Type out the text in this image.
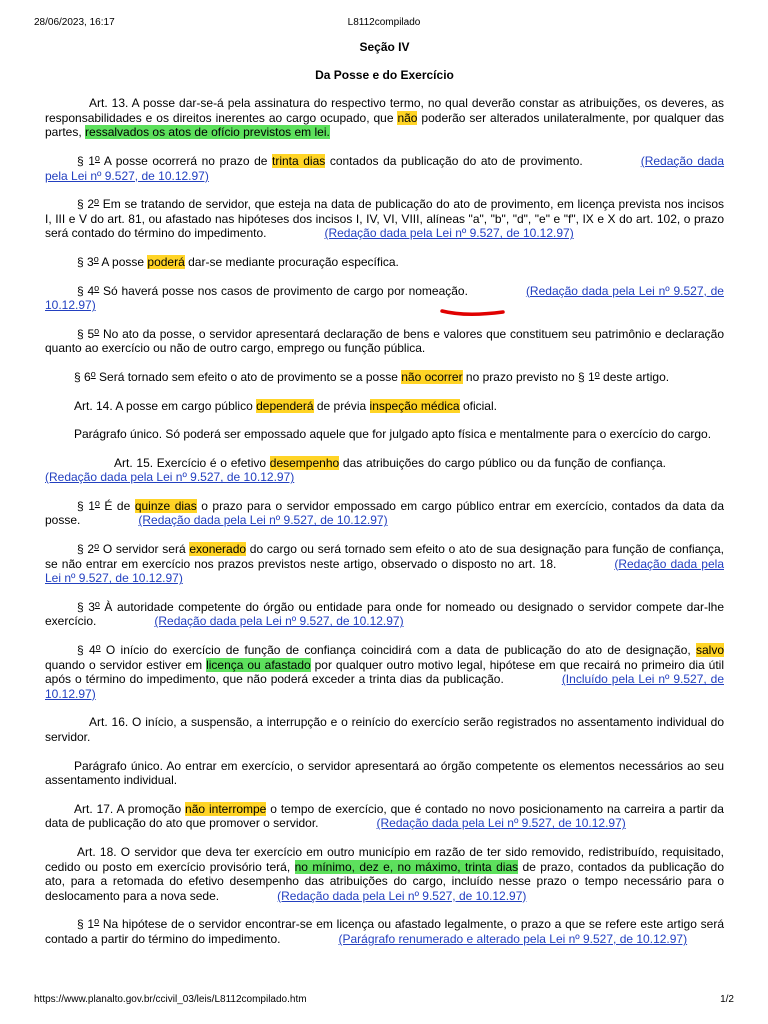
28/06/2023, 16:17	L8112compilado
Seção IV
Da Posse e do Exercício

Art. 13. A posse dar-se-á pela assinatura do respectivo termo, no qual deverão constar as atribuições, os deveres, as responsabilidades e os direitos inerentes ao cargo ocupado, que não poderão ser alterados unilateralmente, por qualquer das partes, ressalvados os atos de ofício previstos em lei.

§ 1$^o$ A posse ocorrerá no prazo de trinta dias contados da publicação do ato de provimento.	(Redação dada pela Lei nº 9.527, de 10.12.97)

§ 2$^o$ Em se tratando de servidor, que esteja na data de publicação do ato de provimento, em licença prevista nos incisos I, III e V do art. 81, ou afastado nas hipóteses dos incisos I, IV, VI, VIII, alíneas "a", "b", "d", "e" e "f", IX e X do art. 102, o prazo será contado do término do impedimento.	(Redação dada pela Lei nº 9.527, de 10.12.97)

§ 3$^o$ A posse poderá dar-se mediante procuração específica.

§ 4$^o$ Só haverá posse nos casos de provimento de cargo por nomeação.	(Redação dada pela Lei nº 9.527, de 10.12.97)

§ 5$^o$ No ato da posse, o servidor apresentará declaração de bens e valores que constituem seu patrimônio e declaração quanto ao exercício ou não de outro cargo, emprego ou função pública.

§ 6$^o$ Será tornado sem efeito o ato de provimento se a posse não ocorrer no prazo previsto no § 1$^o$ deste artigo.

Art. 14. A posse em cargo público dependerá de prévia inspeção médica oficial.

Parágrafo único. Só poderá ser empossado aquele que for julgado apto física e mentalmente para o exercício do cargo.

Art. 15. Exercício é o efetivo desempenho das atribuições do cargo público ou da função de confiança.(Redação dada pela Lei nº 9.527, de 10.12.97)

§ 1$^o$ É de quinze dias o prazo para o servidor empossado em cargo público entrar em exercício, contados da data da posse.	(Redação dada pela Lei nº 9.527, de 10.12.97)

§ 2$^o$ O servidor será exonerado do cargo ou será tornado sem efeito o ato de sua designação para função de confiança, se não entrar em exercício nos prazos previstos neste artigo, observado o disposto no art. 18.	(Redação dada pela Lei nº 9.527, de 10.12.97)

§ 3$^o$ À autoridade competente do órgão ou entidade para onde for nomeado ou designado o servidor compete dar-lhe exercício.	(Redação dada pela Lei nº 9.527, de 10.12.97)

§ 4$^o$ O início do exercício de função de confiança coincidirá com a data de publicação do ato de designação, salvo quando o servidor estiver em licença ou afastado por qualquer outro motivo legal, hipótese em que recairá no primeiro dia útil após o término do impedimento, que não poderá exceder a trinta dias da publicação.	(Incluído pela Lei nº 9.527, de 10.12.97)

Art. 16. O início, a suspensão, a interrupção e o reinício do exercício serão registrados no assentamento individual do servidor.

Parágrafo único. Ao entrar em exercício, o servidor apresentará ao órgão competente os elementos necessários ao seu assentamento individual.

Art. 17. A promoção não interrompe o tempo de exercício, que é contado no novo posicionamento na carreira a partir da data de publicação do ato que promover o servidor.	(Redação dada pela Lei nº 9.527, de 10.12.97)

Art. 18. O servidor que deva ter exercício em outro município em razão de ter sido removido, redistribuído, requisitado, cedido ou posto em exercício provisório terá, no mínimo, dez e, no máximo, trinta dias de prazo, contados da publicação do ato, para a retomada do efetivo desempenho das atribuições do cargo, incluído nesse prazo o tempo necessário para o deslocamento para a nova sede.	(Redação dada pela Lei nº 9.527, de 10.12.97)

§ 1$^o$ Na hipótese de o servidor encontrar-se em licença ou afastado legalmente, o prazo a que se refere este artigo será contado a partir do término do impedimento.	(Parágrafo renumerado e alterado pela Lei nº 9.527, de 10.12.97)

https://www.planalto.gov.br/ccivil_03/leis/L8112compilado.htm	1/2
